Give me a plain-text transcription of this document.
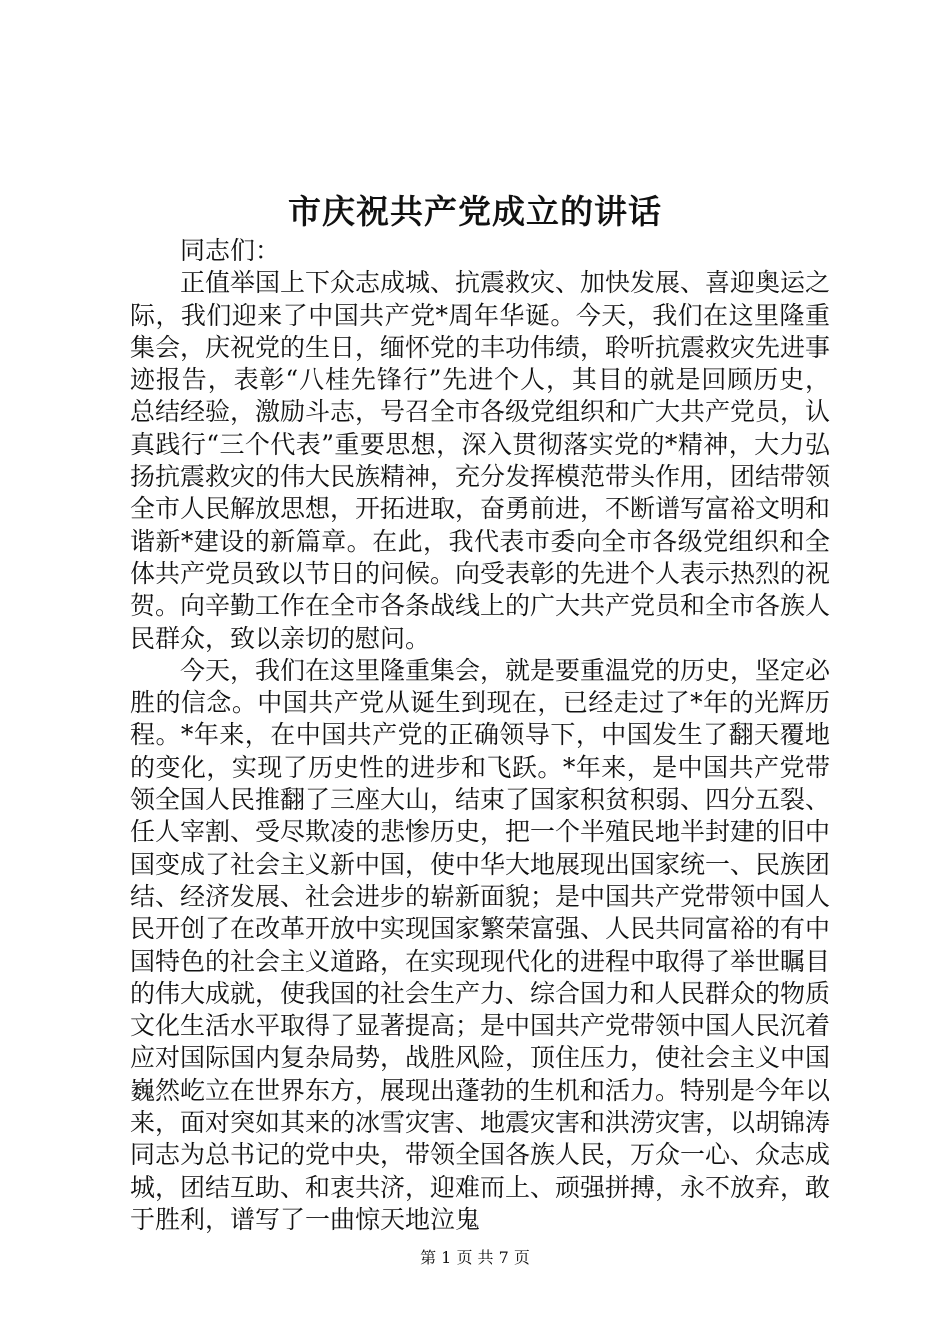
市庆祝共产党成立的讲话

同志们：

正值举国上下众志成城、抗震救灾、加快发展、喜迎奥运之际，我们迎来了中国共产党*周年华诞。今天，我们在这里隆重集会，庆祝党的生日，缅怀党的丰功伟绩，聆听抗震救灾先进事迹报告，表彰“八桂先锋行”先进个人，其目的就是回顾历史，总结经验，激励斗志，号召全市各级党组织和广大共产党员，认真践行“三个代表”重要思想，深入贯彻落实党的*精神，大力弘扬抗震救灾的伟大民族精神，充分发挥模范带头作用，团结带领全市人民解放思想，开拓进取，奋勇前进，不断谱写富裕文明和谐新*建设的新篇章。在此，我代表市委向全市各级党组织和全体共产党员致以节日的问候。向受表彰的先进个人表示热烈的祝贺。向辛勤工作在全市各条战线上的广大共产党员和全市各族人民群众，致以亲切的慰问。

今天，我们在这里隆重集会，就是要重温党的历史，坚定必胜的信念。中国共产党从诞生到现在，已经走过了*年的光辉历程。*年来，在中国共产党的正确领导下，中国发生了翻天覆地的变化，实现了历史性的进步和飞跃。*年来，是中国共产党带领全国人民推翻了三座大山，结束了国家积贫积弱、四分五裂、任人宰割、受尽欺凌的悲惨历史，把一个半殖民地半封建的旧中国变成了社会主义新中国，使中华大地展现出国家统一、民族团结、经济发展、社会进步的崭新面貌；是中国共产党带领中国人民开创了在改革开放中实现国家繁荣富强、人民共同富裕的有中国特色的社会主义道路，在实现现代化的进程中取得了举世瞩目的伟大成就，使我国的社会生产力、综合国力和人民群众的物质文化生活水平取得了显著提高；是中国共产党带领中国人民沉着应对国际国内复杂局势，战胜风险，顶住压力，使社会主义中国巍然屹立在世界东方，展现出蓬勃的生机和活力。特别是今年以来，面对突如其来的冰雪灾害、地震灾害和洪涝灾害，以胡锦涛同志为总书记的党中央，带领全国各族人民，万众一心、众志成城，团结互助、和衷共济，迎难而上、顽强拼搏，永不放弃，敢于胜利，谱写了一曲惊天地泣鬼

第 1 页 共 7 页
